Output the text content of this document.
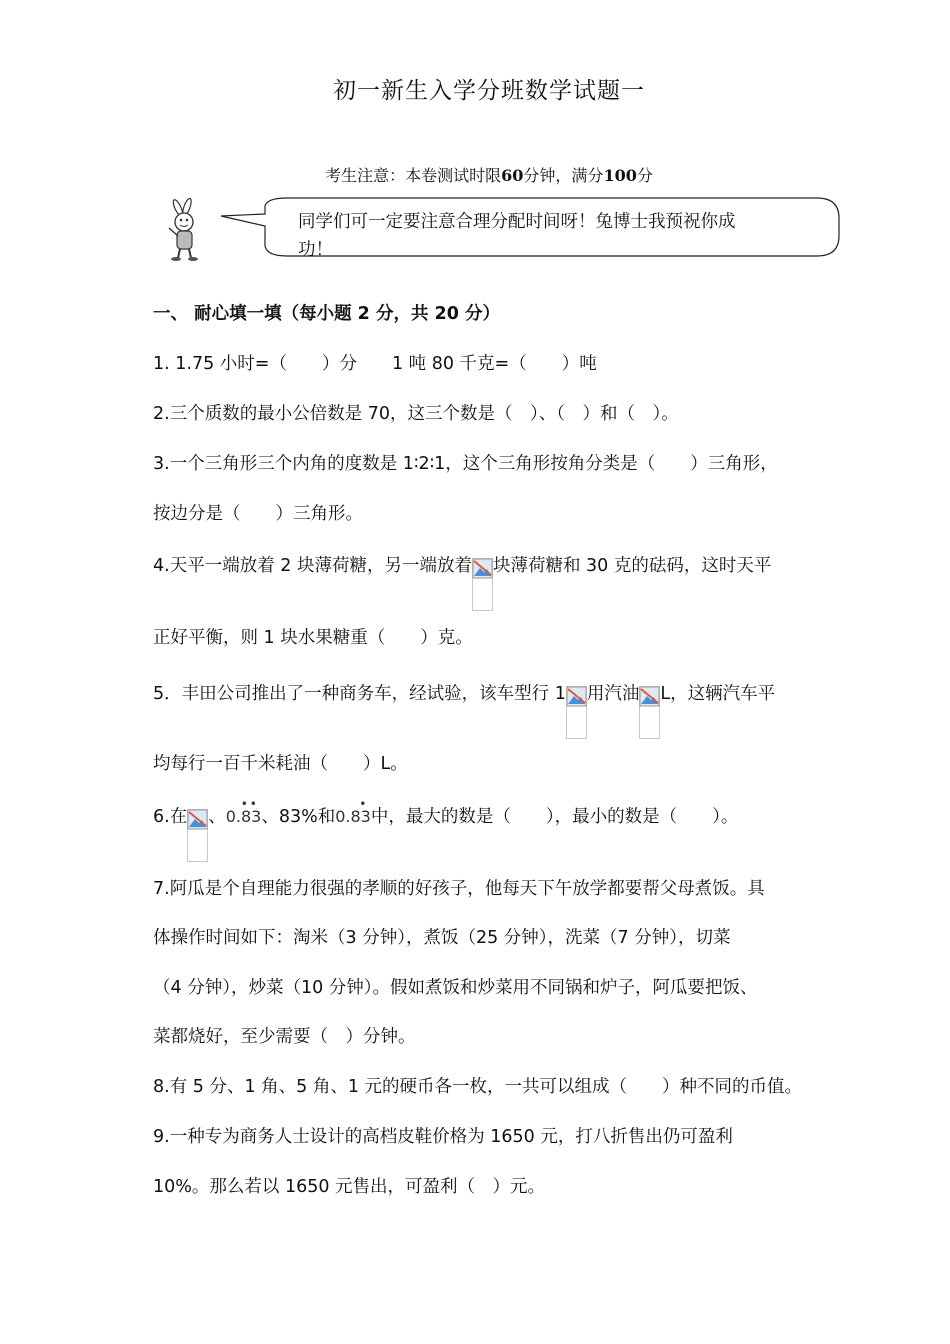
初一新生入学分班数学试题一
考生注意：本卷测试时限60分钟，满分100分
同学们可一定要注意合理分配时间呀！兔博士我预祝你成
功！
一、 耐心填一填（每小题 2 分，共 20 分）
1. 1.75 小时=（　　）分　　1 吨 80 千克=（　　）吨
2.三个质数的最小公倍数是 70，这三个数是（　）、（　）和（　）。
3.一个三角形三个内角的度数是 1∶2∶1，这个三角形按角分类是（　　）三角形，
按边分是（　　）三角形。
4.天平一端放着 2 块薄荷糖，另一端放着 块薄荷糖和 30 克的砝码，这时天平
正好平衡，则 1 块水果糖重（　　）克。
5．丰田公司推出了一种商务车，经试验，该车型行 1 用汽油 L，这辆汽车平
均每行一百千米耗油（　　）L。
6.在 、
• •
0.83、83%和
•
0.83中，最大的数是（　　），最小的数是（　　）。
7.阿瓜是个自理能力很强的孝顺的好孩子，他每天下午放学都要帮父母煮饭。具
体操作时间如下：淘米（3 分钟），煮饭（25 分钟），洗菜（7 分钟），切菜
（4 分钟），炒菜（10 分钟）。假如煮饭和炒菜用不同锅和炉子，阿瓜要把饭、
菜都烧好，至少需要（　）分钟。
8.有 5 分、1 角、5 角、1 元的硬币各一枚，一共可以组成（　　）种不同的币值。
9.一种专为商务人士设计的高档皮鞋价格为 1650 元，打八折售出仍可盈利
10%。那么若以 1650 元售出，可盈利（　）元。
